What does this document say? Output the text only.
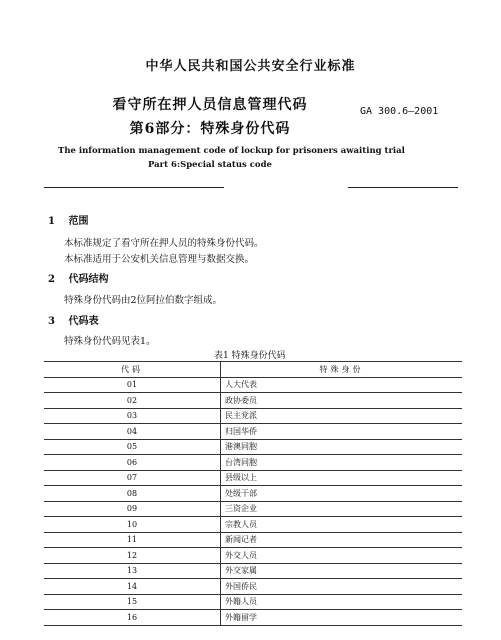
中华人民共和国公共安全行业标准
看守所在押人员信息管理代码	GA 300.6—2001
第6部分：特殊身份代码
The information management code of lockup for prisoners awaiting trial
Part 6:Special status code
1 范围
本标准规定了看守所在押人员的特殊身份代码。
本标准适用于公安机关信息管理与数据交换。
2 代码结构
特殊身份代码由2位阿拉伯数字组成。
3 代码表
特殊身份代码见表1。
表1 特殊身份代码
代码	特殊身份
01	人大代表
02	政协委员
03	民主党派
04	归国华侨
05	港澳同胞
06	台湾同胞
07	县级以上
08	处级干部
09	三资企业
10	宗教人员
11	新闻记者
12	外交人员
13	外交家属
14	外国侨民
15	外籍人员
16	外籍留学
